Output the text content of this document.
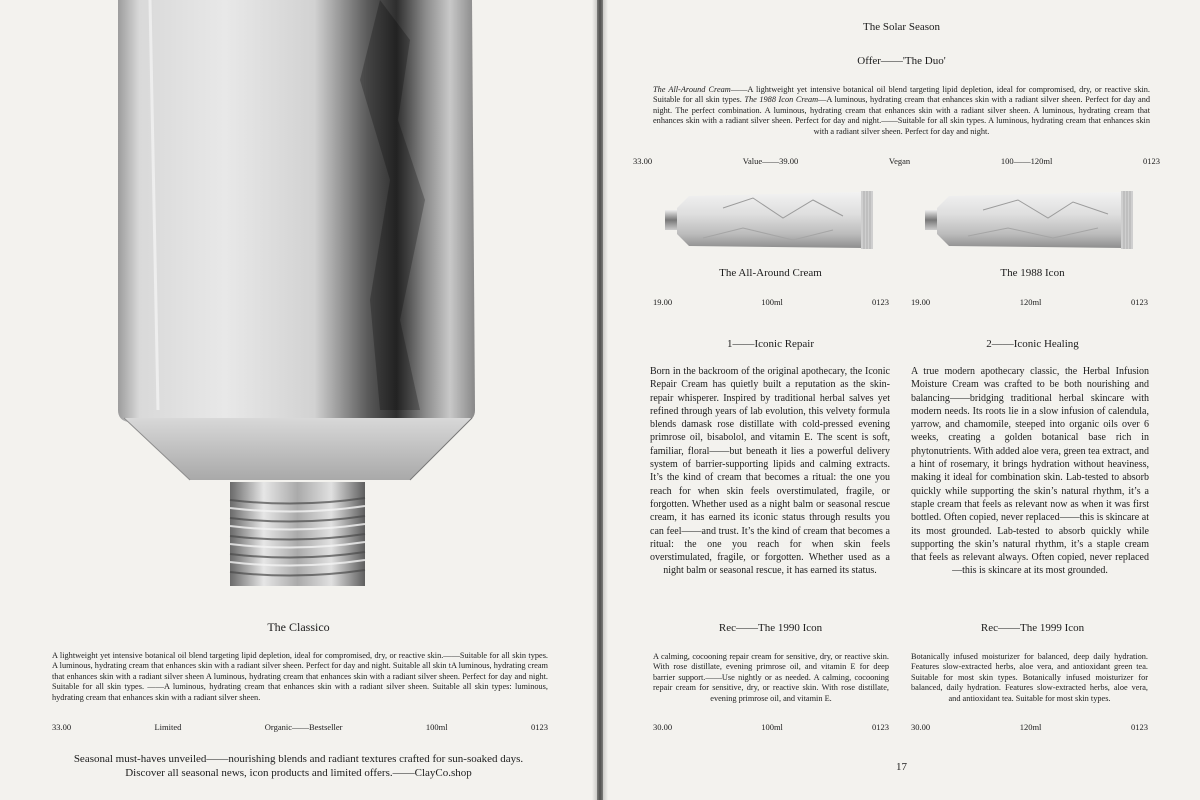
The Classico
A lightweight yet intensive botanical oil blend targeting lipid depletion, ideal for compromised, dry, or reactive skin.——Suitable for all skin types. A luminous, hydrating cream that enhances skin with a radiant silver sheen. Perfect for day and night. Suitable all skin tA luminous, hydrating cream that enhances skin with a radiant silver sheen A luminous, hydrating cream that enhances skin with a radiant silver sheen. Perfect for day and night. Suitable for all skin types. ——A luminous, hydrating cream that enhances skin with a radiant silver sheen. Suitable all skin types: luminous, hydrating cream that enhances skin with a radiant silver sheen.
33.00	Limited	Organic——Bestseller	100ml	0123
Seasonal must-haves unveiled——nourishing blends and radiant textures crafted for sun-soaked days.
Discover all seasonal news, icon products and limited offers.——ClayCo.shop
The Solar Season
Offer——'The Duo'
The All-Around Cream——A lightweight yet intensive botanical oil blend targeting lipid depletion, ideal for compromised, dry, or reactive skin. Suitable for all skin types. The 1988 Icon Cream—A luminous, hydrating cream that enhances skin with a radiant silver sheen. Perfect for day and night. The perfect combination. A luminous, hydrating cream that enhances skin with a radiant silver sheen. A luminous, hydrating cream that enhances skin with a radiant silver sheen. Perfect for day and night.——Suitable for all skin types. A luminous, hydrating cream that enhances skin with a radiant silver sheen. Perfect for day and night.
33.00	Value——39.00	Vegan	100——120ml	0123
The All-Around Cream	The 1988 Icon
19.00	100ml	0123	19.00	120ml	0123
1——Iconic Repair	2——Iconic Healing
Born in the backroom of the original apothecary, the Iconic Repair Cream has quietly built a reputation as the skin-repair whisperer. Inspired by traditional herbal salves yet refined through years of lab evolution, this velvety formula blends damask rose distillate with cold-pressed evening primrose oil, bisabolol, and vitamin E. The scent is soft, familiar, floral——but beneath it lies a powerful delivery system of barrier-supporting lipids and calming extracts. It’s the kind of cream that becomes a ritual: the one you reach for when skin feels overstimulated, fragile, or forgotten. Whether used as a night balm or seasonal rescue cream, it has earned its iconic status through results you can feel——and trust. It’s the kind of cream that becomes a ritual: the one you reach for when skin feels overstimulated, fragile, or forgotten. Whether used as a night balm or seasonal rescue, it has earned its status.
A true modern apothecary classic, the Herbal Infusion Moisture Cream was crafted to be both nourishing and balancing——bridging traditional herbal skincare with modern needs. Its roots lie in a slow infusion of calendula, yarrow, and chamomile, steeped into organic oils over 6 weeks, creating a golden botanical base rich in phytonutrients. With added aloe vera, green tea extract, and a hint of rosemary, it brings hydration without heaviness, making it ideal for combination skin. Lab-tested to absorb quickly while supporting the skin’s natural rhythm, it’s a staple cream that feels as relevant now as when it was first bottled. Often copied, never replaced——this is skincare at its most grounded. Lab-tested to absorb quickly while supporting the skin’s natural rhythm, it’s a staple cream that feels as relevant always. Often copied, never replaced—this is skincare at its most grounded.
Rec——The 1990 Icon	Rec——The 1999 Icon
A calming, cocooning repair cream for sensitive, dry, or reactive skin. With rose distillate, evening primrose oil, and vitamin E for deep barrier support.——Use nightly or as needed. A calming, cocooning repair cream for sensitive, dry, or reactive skin. With rose distillate, evening primrose oil, and vitamin E.
Botanically infused moisturizer for balanced, deep daily hydration. Features slow-extracted herbs, aloe vera, and antioxidant green tea. Suitable for most skin types. Botanically infused moisturizer for balanced, daily hydration. Features slow-extracted herbs, aloe vera, and antioxidant tea. Suitable for most skin types.
30.00	100ml	0123	30.00	120ml	0123
17
